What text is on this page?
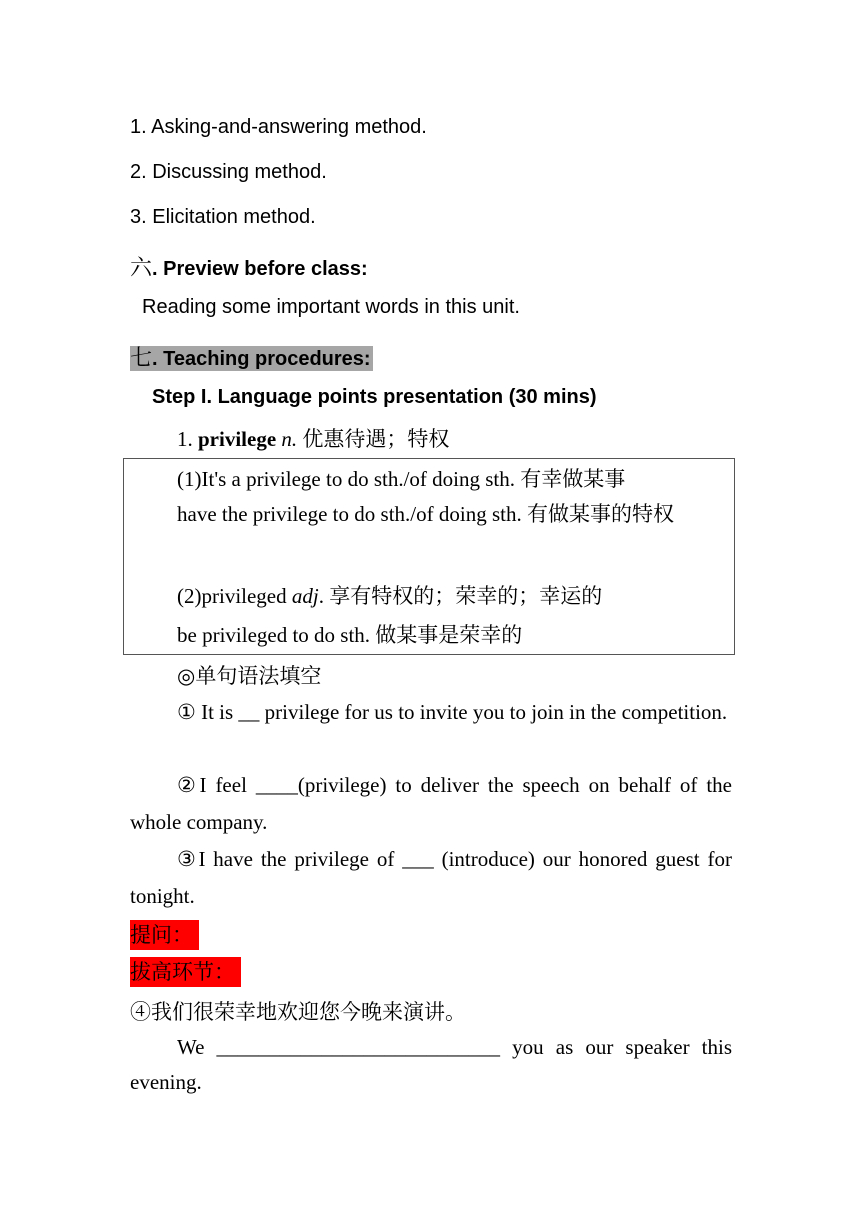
1. Asking-and-answering method.
2. Discussing method.
3. Elicitation method.
六. Preview before class:
Reading some important words in this unit.
七. Teaching procedures:
Step I. Language points presentation (30 mins)
1. privilege n. 优惠待遇；特权
(1)It's a privilege to do sth./of doing sth. 有幸做某事
have the privilege to do sth./of doing sth. 有做某事的特权
(2)privileged adj. 享有特权的；荣幸的；幸运的
be privileged to do sth. 做某事是荣幸的
◎单句语法填空
① It is __ privilege for us to invite you to join in the competition.
②I feel ____(privilege) to deliver the speech on behalf of the whole company.
③I have the privilege of ___ (introduce) our honored guest for tonight.
提问：
拔高环节：
④我们很荣幸地欢迎您今晚来演讲。
We ___________________________ you as our speaker this evening.
